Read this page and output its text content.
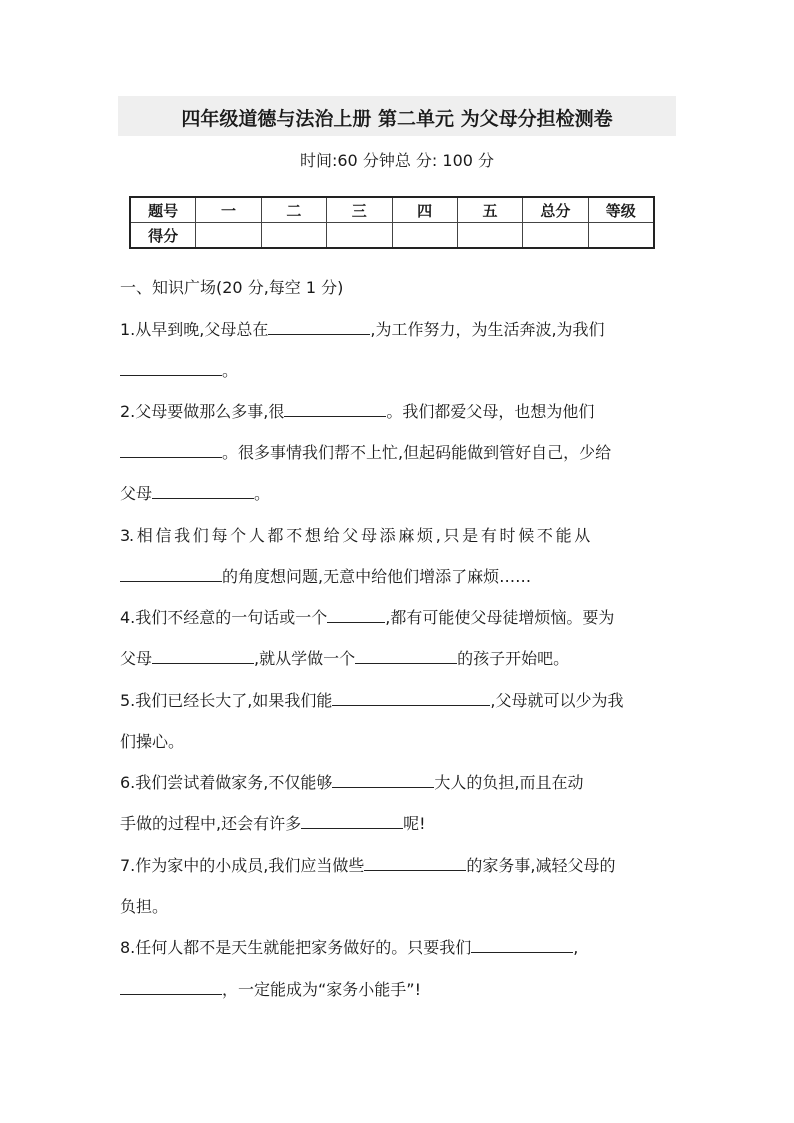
四年级道德与法治上册 第二单元 为父母分担检测卷
时间:60 分钟总 分: 100 分
题号	一	二	三	四	五	总分	等级
得分							
一、知识广场(20 分,每空 1 分)
1.从早到晚,父母总在	,为工作努力，为生活奔波,为我们
。
2.父母要做那么多事,很	。我们都爱父母，也想为他们
。很多事情我们帮不上忙,但起码能做到管好自己，少给
父母	。
3. 相 信 我 们 每 个 人 都 不 想 给 父 母 添 麻 烦 , 只 是 有 时 候 不 能 从
的角度想问题,无意中给他们增添了麻烦……
4.我们不经意的一句话或一个	,都有可能使父母徒增烦恼。要为
父母	,就从学做一个	的孩子开始吧。
5.我们已经长大了,如果我们能	,父母就可以少为我
们操心。
6.我们尝试着做家务,不仅能够	大人的负担,而且在动
手做的过程中,还会有许多	呢!
7.作为家中的小成员,我们应当做些	的家务事,减轻父母的
负担。
8.任何人都不是天生就能把家务做好的。只要我们	,
，一定能成为“家务小能手”!
